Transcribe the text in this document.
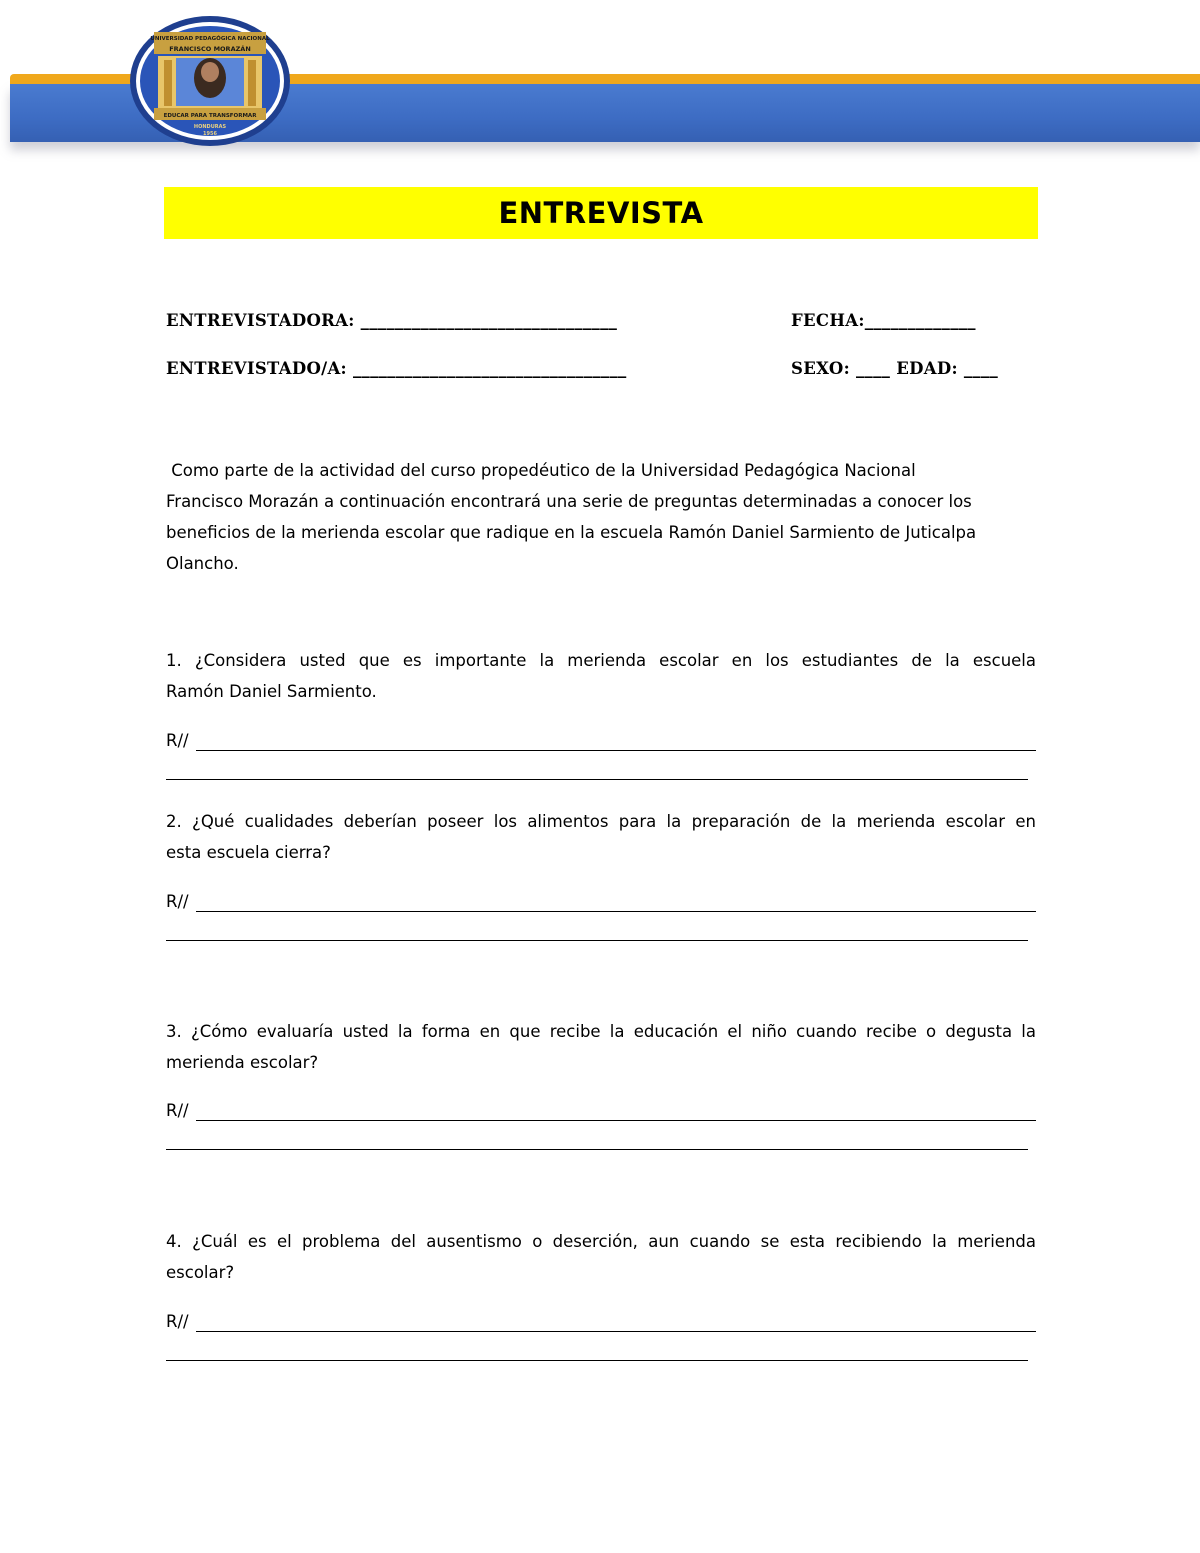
UNIVERSIDAD PEDAGÓGICA NACIONAL
FRANCISCO MORAZÁN
EDUCAR PARA TRANSFORMAR
HONDURAS
1956
ENTREVISTA
ENTREVISTADORA: ______________________________	FECHA:_____________
ENTREVISTADO/A: ________________________________	SEXO: ____ EDAD: ____
Como parte de la actividad del curso propedéutico de la Universidad Pedagógica Nacional
Francisco Morazán a continuación encontrará una serie de preguntas determinadas a conocer los
beneficios de la merienda escolar que radique en la escuela Ramón Daniel Sarmiento de Juticalpa
Olancho.
1. ¿Considera usted que es importante la merienda escolar en los estudiantes de la escuela
Ramón Daniel Sarmiento.
R//
2. ¿Qué cualidades deberían poseer los alimentos para la preparación de la merienda escolar en
esta escuela cierra?
R//
3. ¿Cómo evaluaría usted la forma en que recibe la educación el niño cuando recibe o degusta la
merienda escolar?
R//
4. ¿Cuál es el problema del ausentismo o deserción, aun cuando se esta recibiendo la merienda
escolar?
R//
